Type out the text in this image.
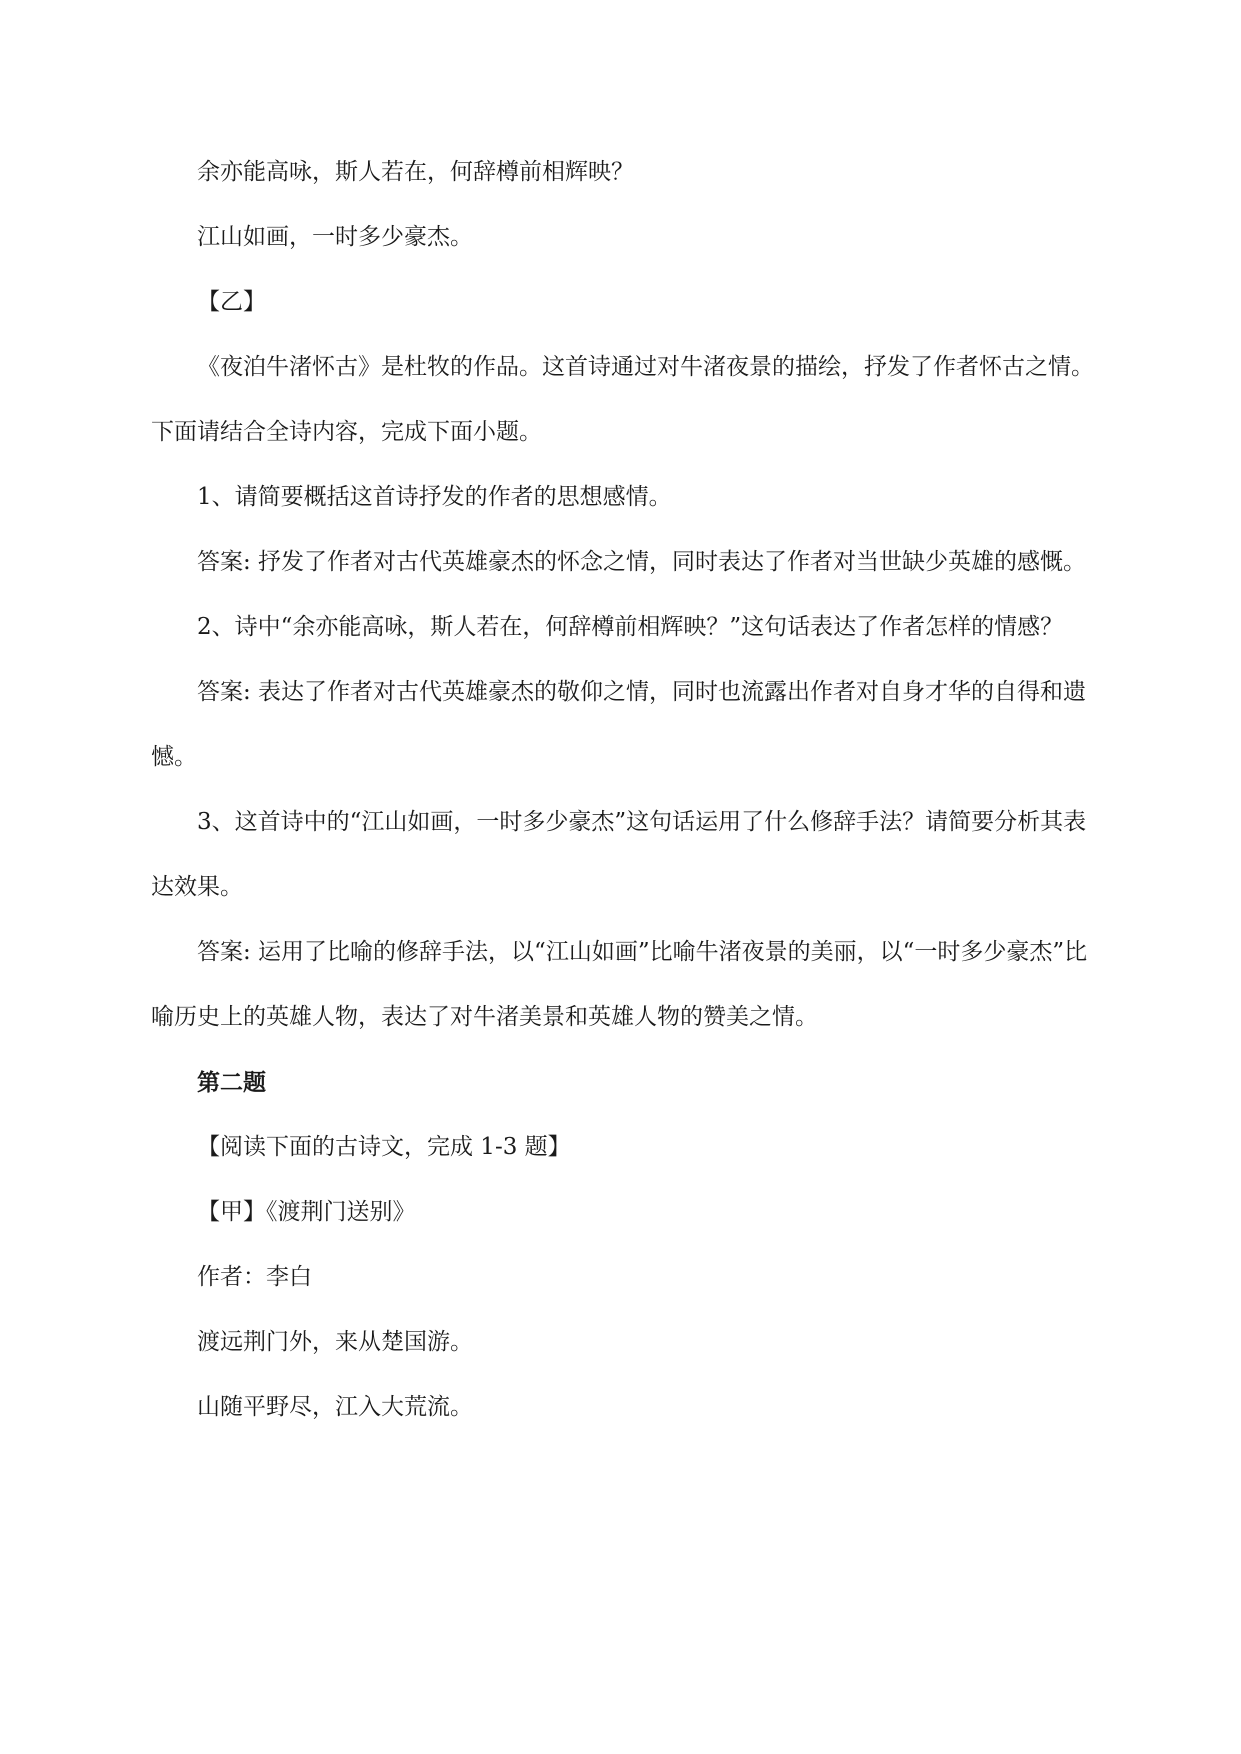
余亦能高咏，斯人若在，何辞樽前相辉映？

江山如画，一时多少豪杰。

【乙】

《夜泊牛渚怀古》是杜牧的作品。这首诗通过对牛渚夜景的描绘，抒发了作者怀古之情。下面请结合全诗内容，完成下面小题。

1、请简要概括这首诗抒发的作者的思想感情。

答案: 抒发了作者对古代英雄豪杰的怀念之情，同时表达了作者对当世缺少英雄的感慨。

2、诗中“余亦能高咏，斯人若在，何辞樽前相辉映？”这句话表达了作者怎样的情感？

答案: 表达了作者对古代英雄豪杰的敬仰之情，同时也流露出作者对自身才华的自得和遗憾。

3、这首诗中的“江山如画，一时多少豪杰”这句话运用了什么修辞手法？请简要分析其表达效果。

答案: 运用了比喻的修辞手法，以“江山如画”比喻牛渚夜景的美丽，以“一时多少豪杰”比喻历史上的英雄人物，表达了对牛渚美景和英雄人物的赞美之情。

第二题

【阅读下面的古诗文，完成 1-3 题】

【甲】《渡荆门送别》

作者：李白

渡远荆门外，来从楚国游。

山随平野尽，江入大荒流。
